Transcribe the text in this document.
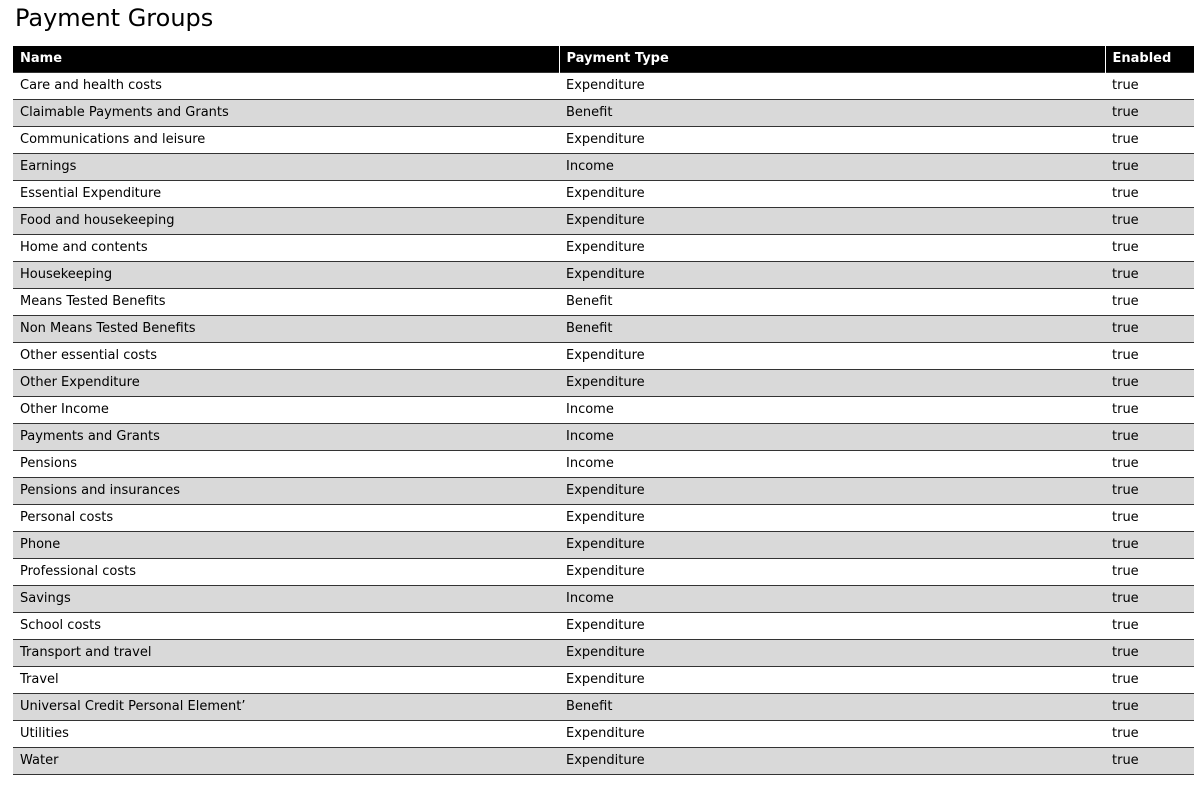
Payment Groups
Name	Payment Type	Enabled
Care and health costs	Expenditure	true
Claimable Payments and Grants	Benefit	true
Communications and leisure	Expenditure	true
Earnings	Income	true
Essential Expenditure	Expenditure	true
Food and housekeeping	Expenditure	true
Home and contents	Expenditure	true
Housekeeping	Expenditure	true
Means Tested Benefits	Benefit	true
Non Means Tested Benefits	Benefit	true
Other essential costs	Expenditure	true
Other Expenditure	Expenditure	true
Other Income	Income	true
Payments and Grants	Income	true
Pensions	Income	true
Pensions and insurances	Expenditure	true
Personal costs	Expenditure	true
Phone	Expenditure	true
Professional costs	Expenditure	true
Savings	Income	true
School costs	Expenditure	true
Transport and travel	Expenditure	true
Travel	Expenditure	true
Universal Credit Personal Element’	Benefit	true
Utilities	Expenditure	true
Water	Expenditure	true
